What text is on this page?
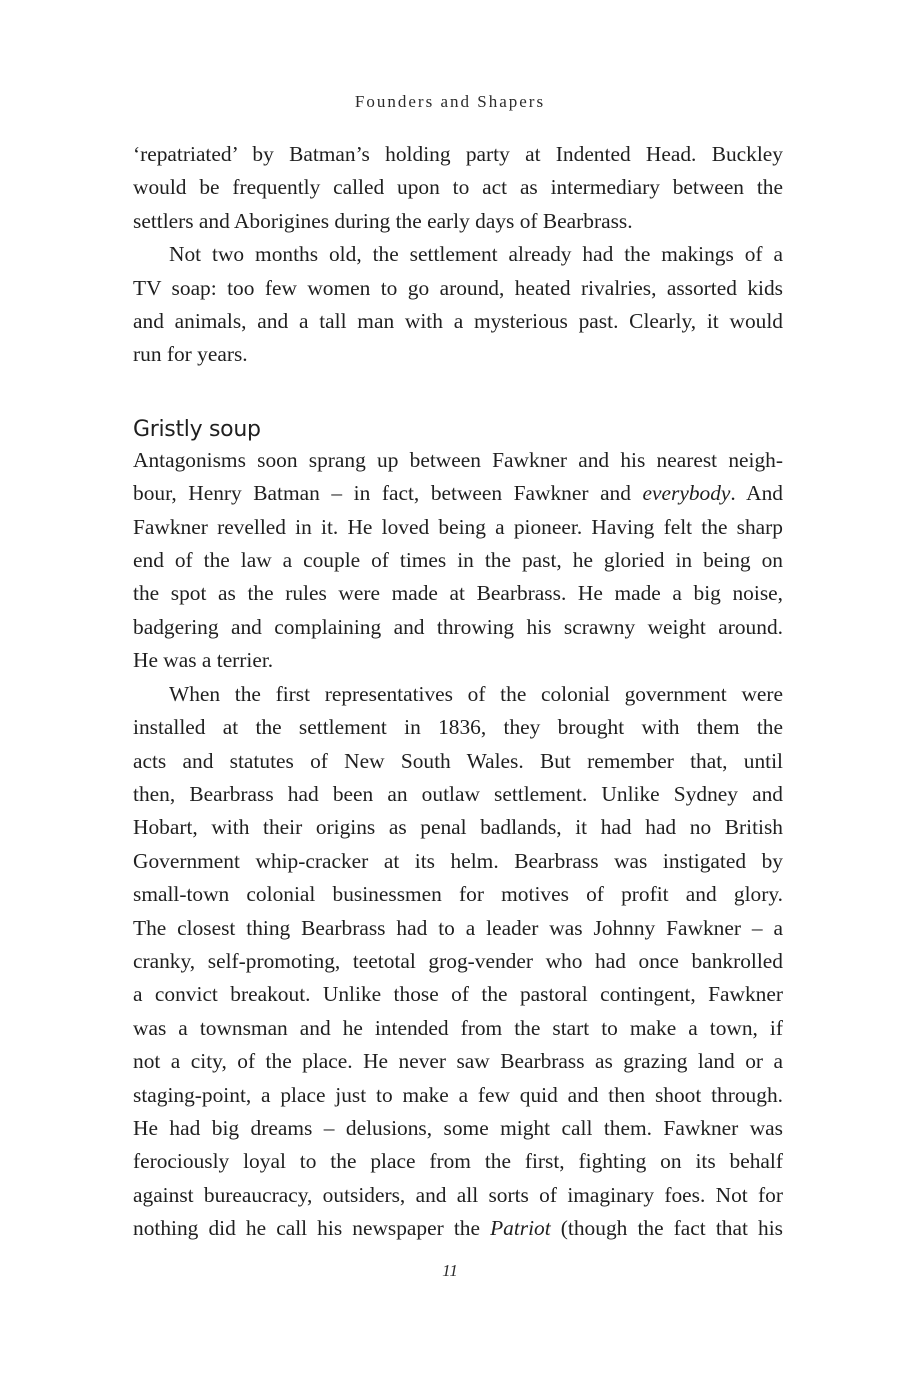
Founders and Shapers

‘repatriated’ by Batman’s holding party at Indented Head. Buckley
would be frequently called upon to act as intermediary between the
settlers and Aborigines during the early days of Bearbrass.

Not two months old, the settlement already had the makings of a
TV soap: too few women to go around, heated rivalries, assorted kids
and animals, and a tall man with a mysterious past. Clearly, it would
run for years.

Gristly soup

Antagonisms soon sprang up between Fawkner and his nearest neigh-
bour, Henry Batman – in fact, between Fawkner and everybody. And
Fawkner revelled in it. He loved being a pioneer. Having felt the sharp
end of the law a couple of times in the past, he gloried in being on
the spot as the rules were made at Bearbrass. He made a big noise,
badgering and complaining and throwing his scrawny weight around.
He was a terrier.

When the first representatives of the colonial government were
installed at the settlement in 1836, they brought with them the
acts and statutes of New South Wales. But remember that, until
then, Bearbrass had been an outlaw settlement. Unlike Sydney and
Hobart, with their origins as penal badlands, it had had no British
Government whip-cracker at its helm. Bearbrass was instigated by
small-town colonial businessmen for motives of profit and glory.
The closest thing Bearbrass had to a leader was Johnny Fawkner – a
cranky, self-promoting, teetotal grog-vender who had once bankrolled
a convict breakout. Unlike those of the pastoral contingent, Fawkner
was a townsman and he intended from the start to make a town, if
not a city, of the place. He never saw Bearbrass as grazing land or a
staging-point, a place just to make a few quid and then shoot through.
He had big dreams – delusions, some might call them. Fawkner was
ferociously loyal to the place from the first, fighting on its behalf
against bureaucracy, outsiders, and all sorts of imaginary foes. Not for
nothing did he call his newspaper the Patriot (though the fact that his

11
